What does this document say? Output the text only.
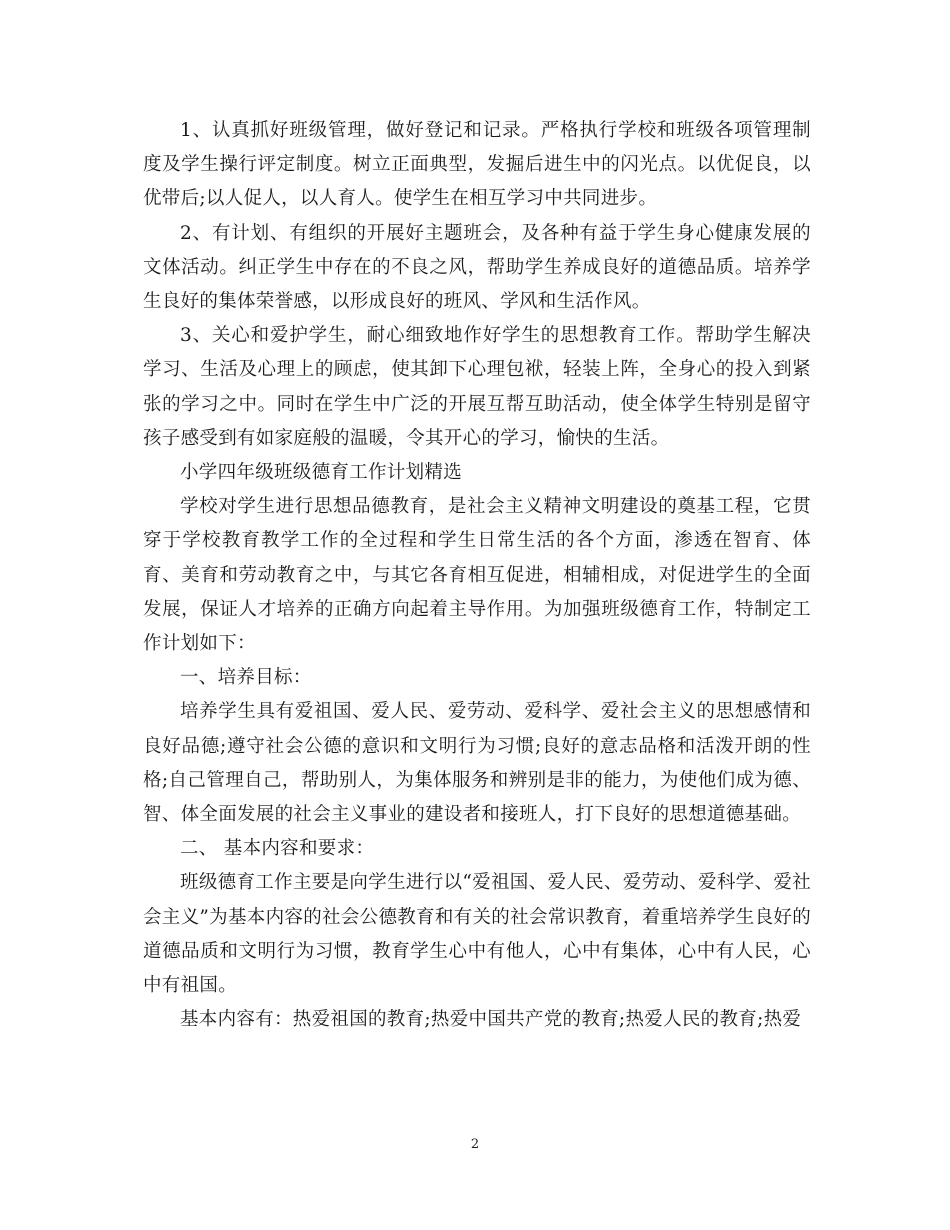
1、认真抓好班级管理，做好登记和记录。严格执行学校和班级各项管理制度及学生操行评定制度。树立正面典型，发掘后进生中的闪光点。以优促良，以优带后;以人促人，以人育人。使学生在相互学习中共同进步。

2、有计划、有组织的开展好主题班会，及各种有益于学生身心健康发展的文体活动。纠正学生中存在的不良之风，帮助学生养成良好的道德品质。培养学生良好的集体荣誉感，以形成良好的班风、学风和生活作风。

3、关心和爱护学生，耐心细致地作好学生的思想教育工作。帮助学生解决学习、生活及心理上的顾虑，使其卸下心理包袱，轻装上阵，全身心的投入到紧张的学习之中。同时在学生中广泛的开展互帮互助活动，使全体学生特别是留守孩子感受到有如家庭般的温暖，令其开心的学习，愉快的生活。

小学四年级班级德育工作计划精选

学校对学生进行思想品德教育，是社会主义精神文明建设的奠基工程，它贯穿于学校教育教学工作的全过程和学生日常生活的各个方面，渗透在智育、体育、美育和劳动教育之中，与其它各育相互促进，相辅相成，对促进学生的全面发展，保证人才培养的正确方向起着主导作用。为加强班级德育工作，特制定工作计划如下：

一、培养目标：

培养学生具有爱祖国、爱人民、爱劳动、爱科学、爱社会主义的思想感情和良好品德;遵守社会公德的意识和文明行为习惯;良好的意志品格和活泼开朗的性格;自己管理自己，帮助别人，为集体服务和辨别是非的能力，为使他们成为德、智、体全面发展的社会主义事业的建设者和接班人，打下良好的思想道德基础。

二、 基本内容和要求：

班级德育工作主要是向学生进行以“爱祖国、爱人民、爱劳动、爱科学、爱社会主义”为基本内容的社会公德教育和有关的社会常识教育，着重培养学生良好的道德品质和文明行为习惯，教育学生心中有他人，心中有集体，心中有人民，心中有祖国。

基本内容有：热爱祖国的教育;热爱中国共产党的教育;热爱人民的教育;热爱

2
